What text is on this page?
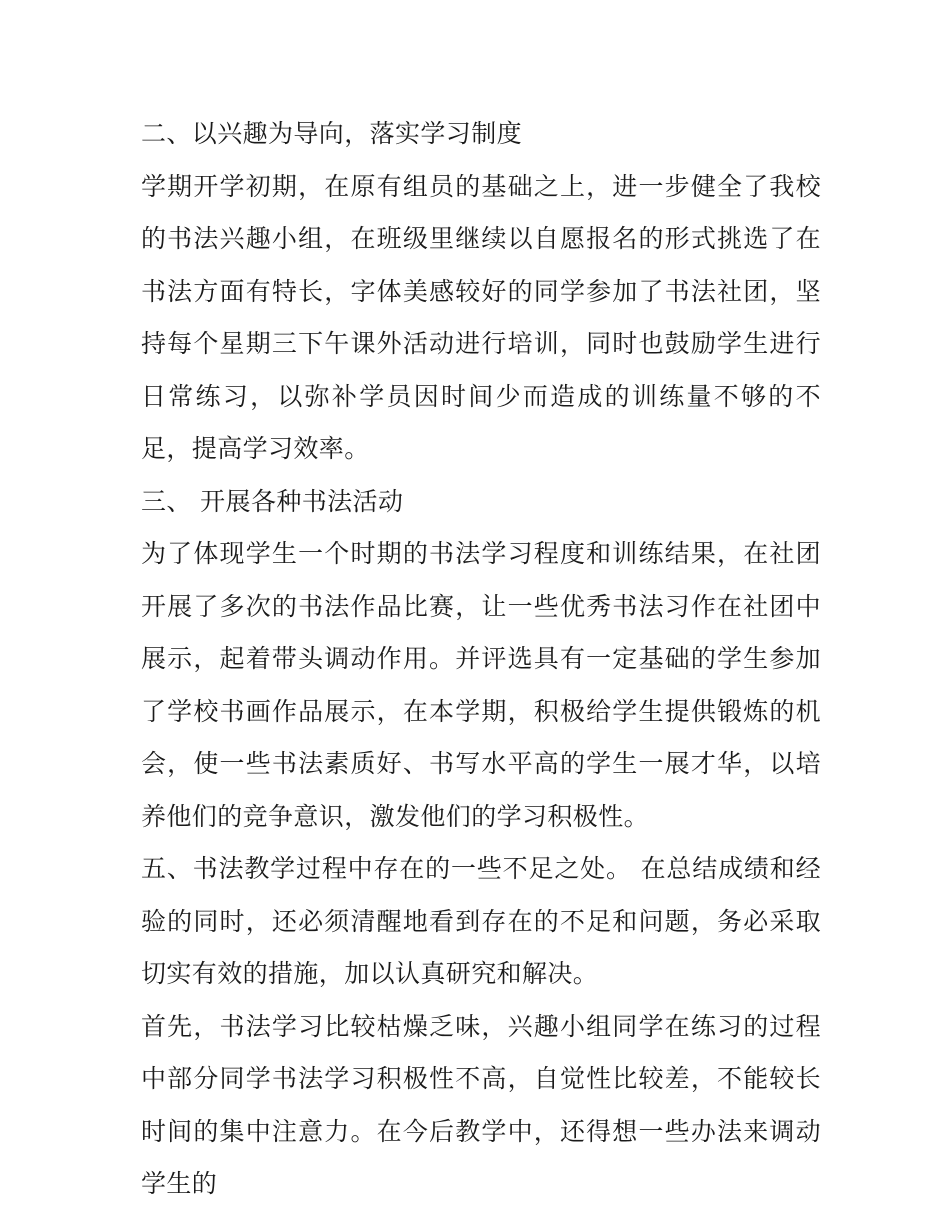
二、以兴趣为导向，落实学习制度

学期开学初期，在原有组员的基础之上，进一步健全了我校的书法兴趣小组，在班级里继续以自愿报名的形式挑选了在书法方面有特长，字体美感较好的同学参加了书法社团，坚持每个星期三下午课外活动进行培训，同时也鼓励学生进行日常练习，以弥补学员因时间少而造成的训练量不够的不足，提高学习效率。

三、 开展各种书法活动

为了体现学生一个时期的书法学习程度和训练结果，在社团开展了多次的书法作品比赛，让一些优秀书法习作在社团中展示，起着带头调动作用。并评选具有一定基础的学生参加了学校书画作品展示，在本学期，积极给学生提供锻炼的机会，使一些书法素质好、书写水平高的学生一展才华，以培养他们的竞争意识，激发他们的学习积极性。

五、书法教学过程中存在的一些不足之处。 在总结成绩和经验的同时，还必须清醒地看到存在的不足和问题，务必采取切实有效的措施，加以认真研究和解决。

首先，书法学习比较枯燥乏味，兴趣小组同学在练习的过程中部分同学书法学习积极性不高，自觉性比较差，不能较长时间的集中注意力。在今后教学中，还得想一些办法来调动学生的
